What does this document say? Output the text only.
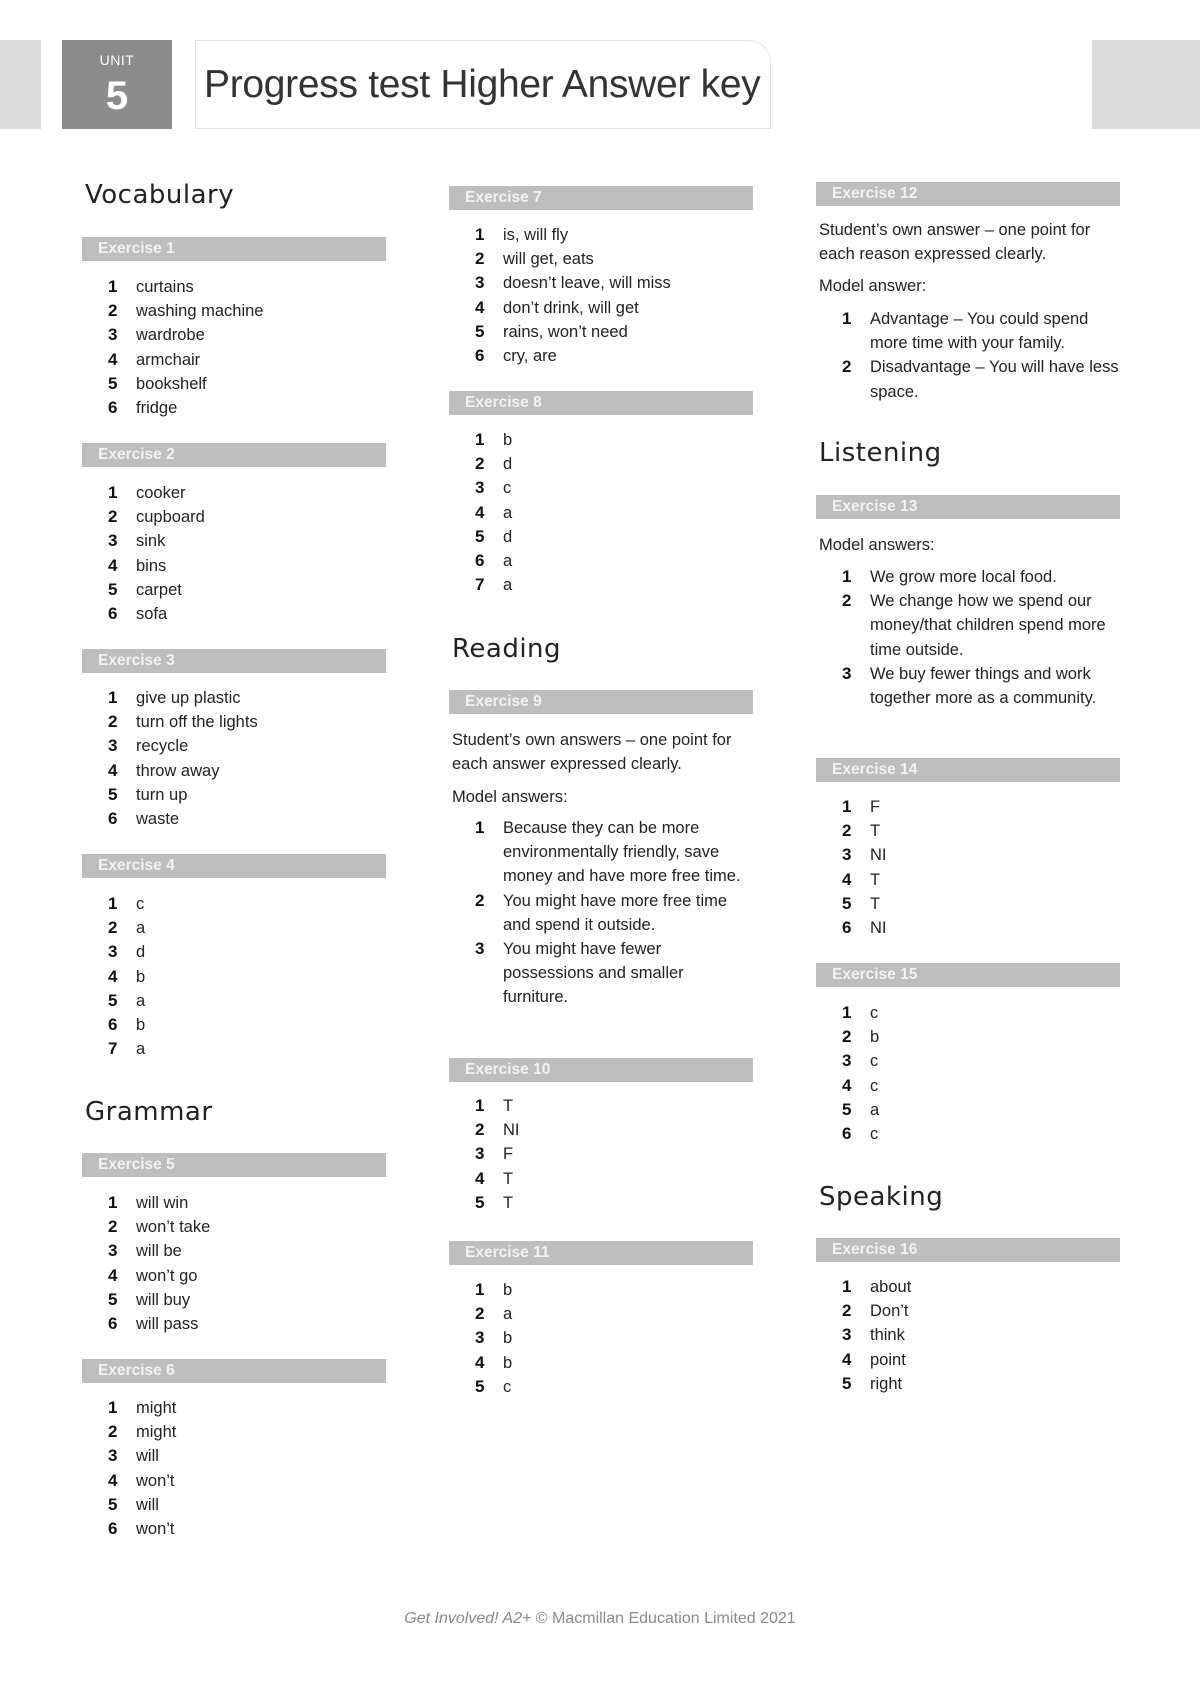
UNIT
5	Progress test Higher Answer key
Vocabulary
Exercise 1
1 curtains
2 washing machine
3 wardrobe
4 armchair
5 bookshelf
6 fridge
Exercise 2
1 cooker
2 cupboard
3 sink
4 bins
5 carpet
6 sofa
Exercise 3
1 give up plastic
2 turn off the lights
3 recycle
4 throw away
5 turn up
6 waste
Exercise 4
1 c
2 a
3 d
4 b
5 a
6 b
7 a
Grammar
Exercise 5
1 will win
2 won’t take
3 will be
4 won’t go
5 will buy
6 will pass
Exercise 6
1 might
2 might
3 will
4 won’t
5 will
6 won’t
Exercise 7
1 is, will fly
2 will get, eats
3 doesn’t leave, will miss
4 don’t drink, will get
5 rains, won’t need
6 cry, are
Exercise 8
1 b
2 d
3 c
4 a
5 d
6 a
7 a
Reading
Exercise 9
Student’s own answers – one point for each answer expressed clearly.
Model answers:
1 Because they can be more environmentally friendly, save money and have more free time.
2 You might have more free time and spend it outside.
3 You might have fewer possessions and smaller furniture.
Exercise 10
1 T
2 NI
3 F
4 T
5 T
Exercise 11
1 b
2 a
3 b
4 b
5 c
Exercise 12
Student’s own answer – one point for each reason expressed clearly.
Model answer:
1 Advantage – You could spend more time with your family.
2 Disadvantage – You will have less space.
Listening
Exercise 13
Model answers:
1 We grow more local food.
2 We change how we spend our money/that children spend more time outside.
3 We buy fewer things and work together more as a community.
Exercise 14
1 F
2 T
3 NI
4 T
5 T
6 NI
Exercise 15
1 c
2 b
3 c
4 c
5 a
6 c
Speaking
Exercise 16
1 about
2 Don’t
3 think
4 point
5 right
Get Involved! A2+ © Macmillan Education Limited 2021
